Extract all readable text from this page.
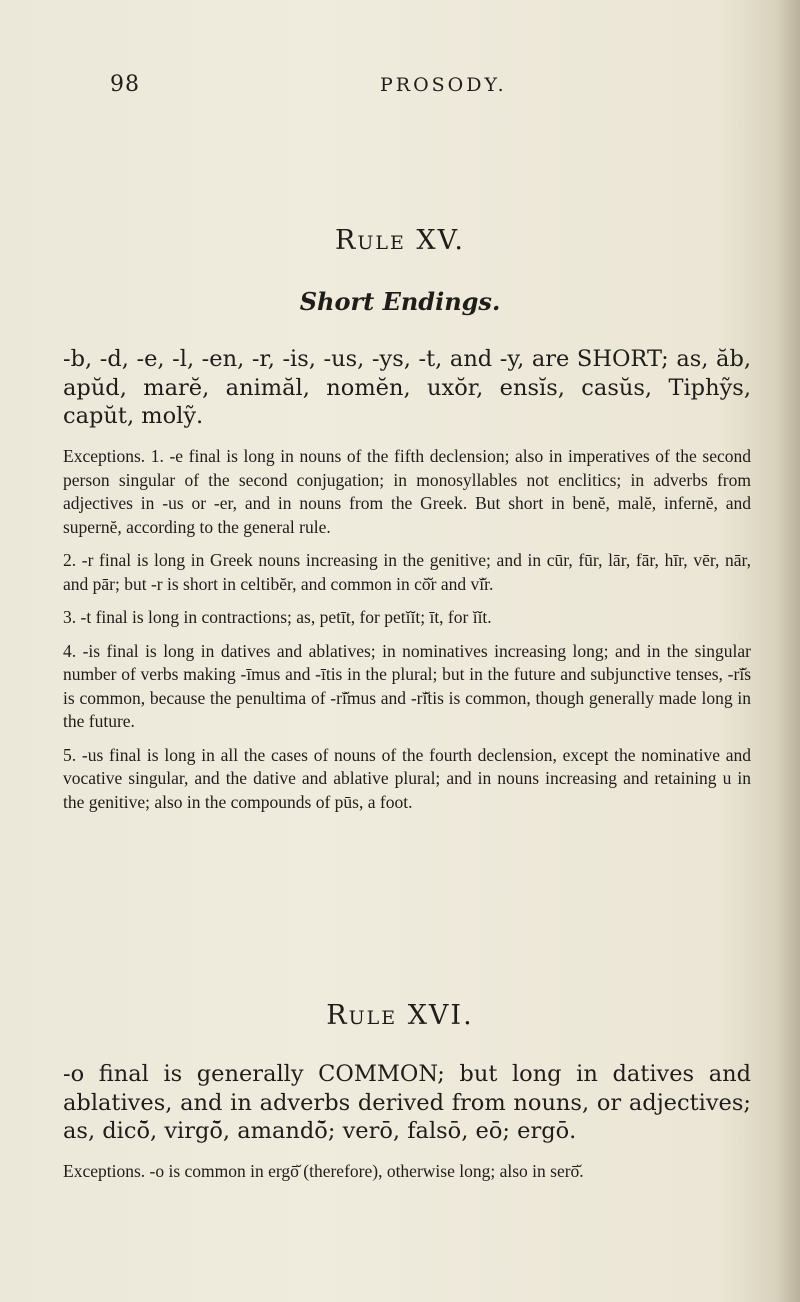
98	PROSODY.
Rule XV.
Short Endings.

-b, -d, -e, -l, -en, -r, -is, -us, -ys, -t, and -y, are SHORT; as, ăb, apŭd, marĕ, animăl, nomĕn, uxŏr, ensĭs, casŭs, Tiphỹs, capŭt, molỹ.

Exceptions. 1. -e final is long in nouns of the fifth declension; also in imperatives of the second person singular of the second conjugation; in monosyllables not enclitics; in adverbs from adjectives in -us or -er, and in nouns from the Greek. But short in benĕ, malĕ, infernĕ, and supernĕ, according to the general rule.

2. -r final is long in Greek nouns increasing in the genitive; and in cūr, fūr, lār, fār, hīr, vēr, nār, and pār; but -r is short in celtibĕr, and common in cŏ̆r and vĭ̆r.

3. -t final is long in contractions; as, petīt, for petĭĭt; īt, for ĭĭt.

4. -is final is long in datives and ablatives; in nominatives increasing long; and in the singular number of verbs making -īmus and -ītis in the plural; but in the future and subjunctive tenses, -rĭ̆s is common, because the penultima of -rĭ̆mus and -rĭ̆tis is common, though generally made long in the future.

5. -us final is long in all the cases of nouns of the fourth declension, except the nominative and vocative singular, and the dative and ablative plural; and in nouns increasing and retaining u in the genitive; also in the compounds of pūs, a foot.

Rule XVI.

-o final is generally COMMON; but long in datives and ablatives, and in adverbs derived from nouns, or adjectives; as, dicō̆, virgō̆, amandō̆; verō, falsō, eō; ergō.

Exceptions. -o is common in ergō̆ (therefore), otherwise long; also in serō̆.
